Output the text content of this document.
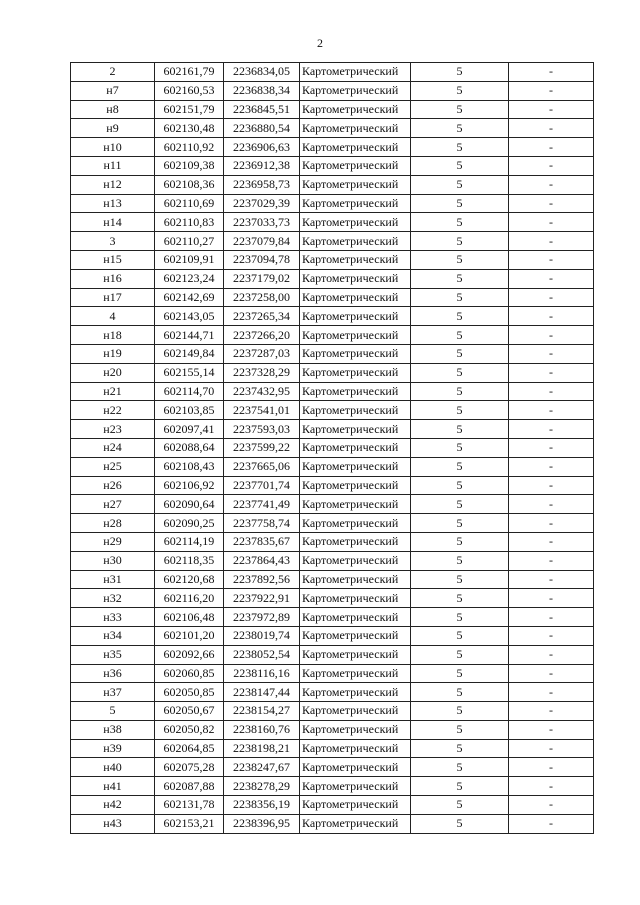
2
2	602161,79	2236834,05	Картометрический	5	-
н7	602160,53	2236838,34	Картометрический	5	-
н8	602151,79	2236845,51	Картометрический	5	-
н9	602130,48	2236880,54	Картометрический	5	-
н10	602110,92	2236906,63	Картометрический	5	-
н11	602109,38	2236912,38	Картометрический	5	-
н12	602108,36	2236958,73	Картометрический	5	-
н13	602110,69	2237029,39	Картометрический	5	-
н14	602110,83	2237033,73	Картометрический	5	-
3	602110,27	2237079,84	Картометрический	5	-
н15	602109,91	2237094,78	Картометрический	5	-
н16	602123,24	2237179,02	Картометрический	5	-
н17	602142,69	2237258,00	Картометрический	5	-
4	602143,05	2237265,34	Картометрический	5	-
н18	602144,71	2237266,20	Картометрический	5	-
н19	602149,84	2237287,03	Картометрический	5	-
н20	602155,14	2237328,29	Картометрический	5	-
н21	602114,70	2237432,95	Картометрический	5	-
н22	602103,85	2237541,01	Картометрический	5	-
н23	602097,41	2237593,03	Картометрический	5	-
н24	602088,64	2237599,22	Картометрический	5	-
н25	602108,43	2237665,06	Картометрический	5	-
н26	602106,92	2237701,74	Картометрический	5	-
н27	602090,64	2237741,49	Картометрический	5	-
н28	602090,25	2237758,74	Картометрический	5	-
н29	602114,19	2237835,67	Картометрический	5	-
н30	602118,35	2237864,43	Картометрический	5	-
н31	602120,68	2237892,56	Картометрический	5	-
н32	602116,20	2237922,91	Картометрический	5	-
н33	602106,48	2237972,89	Картометрический	5	-
н34	602101,20	2238019,74	Картометрический	5	-
н35	602092,66	2238052,54	Картометрический	5	-
н36	602060,85	2238116,16	Картометрический	5	-
н37	602050,85	2238147,44	Картометрический	5	-
5	602050,67	2238154,27	Картометрический	5	-
н38	602050,82	2238160,76	Картометрический	5	-
н39	602064,85	2238198,21	Картометрический	5	-
н40	602075,28	2238247,67	Картометрический	5	-
н41	602087,88	2238278,29	Картометрический	5	-
н42	602131,78	2238356,19	Картометрический	5	-
н43	602153,21	2238396,95	Картометрический	5	-
